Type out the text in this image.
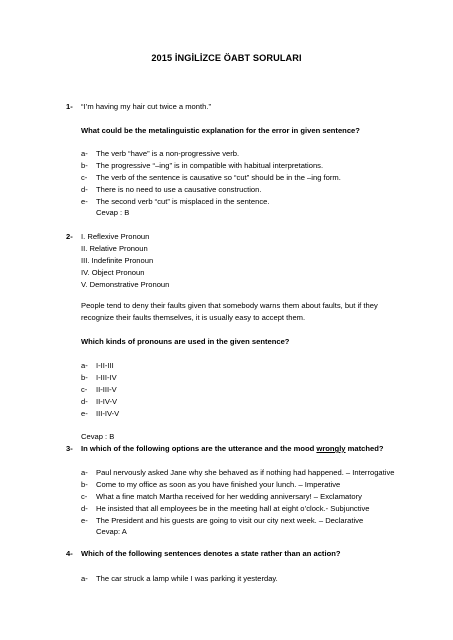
2015 İNGİLİZCE ÖABT SORULARI
1- “I’m having my hair cut twice a month.”
What could be the metalinguistic explanation for the error in given sentence?
a- The verb “have” is a non-progressive verb.
b- The progressive “–ing” is in compatible with habitual interpretations.
c- The verb of the sentence is causative so “cut” should be in the –ing form.
d- There is no need to use a causative construction.
e- The second verb “cut” is misplaced in the sentence.
Cevap : B
2- I. Reflexive Pronoun
II. Relative Pronoun
III. Indefinite Pronoun
IV. Object Pronoun
V. Demonstrative Pronoun
People tend to deny their faults given that somebody warns them about faults, but if they
recognize their faults themselves, it is usually easy to accept them.
Which kinds of pronouns are used in the given sentence?
a- I-II-III
b- I-III-IV
c- II-III-V
d- II-IV-V
e- III-IV-V
Cevap : B
3- In which of the following options are the utterance and the mood wrongly matched?
a- Paul nervously asked Jane why she behaved as if nothing had happened. – Interrogative
b- Come to my office as soon as you have finished your lunch. – Imperative
c- What a fine match Martha received for her wedding anniversary! – Exclamatory
d- He insisted that all employees be in the meeting hall at eight o’clock.- Subjunctive
e- The President and his guests are going to visit our city next week. – Declarative
Cevap: A
4- Which of the following sentences denotes a state rather than an action?
a- The car struck a lamp while I was parking it yesterday.
